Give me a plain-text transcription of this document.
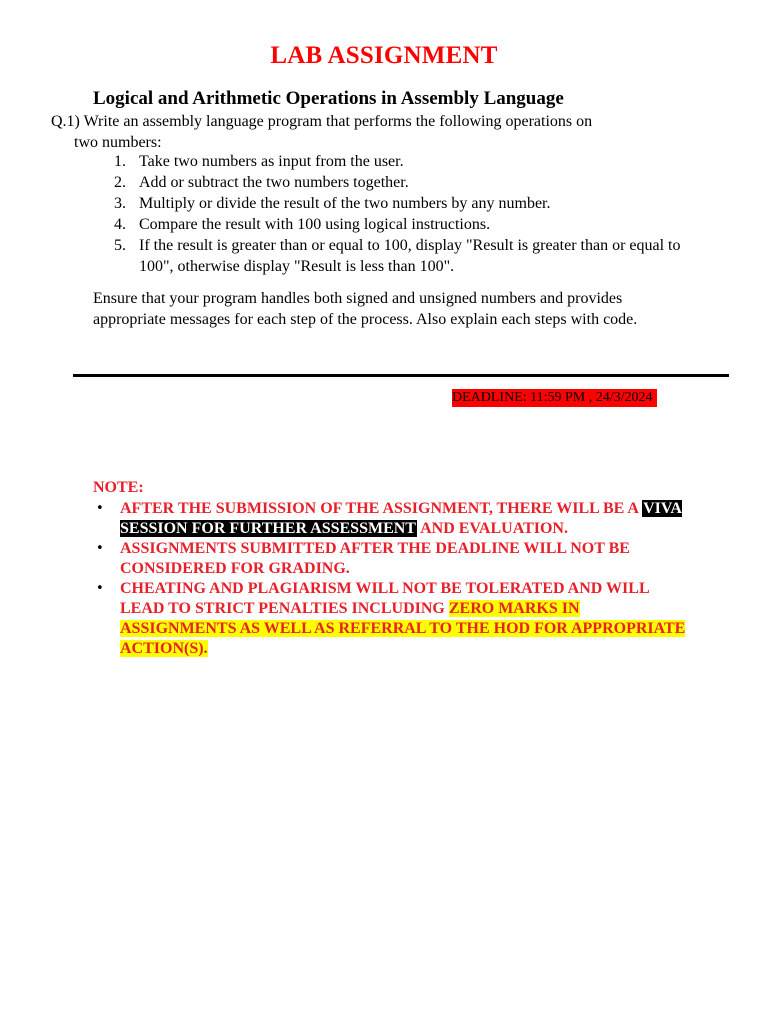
LAB ASSIGNMENT
Logical and Arithmetic Operations in Assembly Language
Q.1) Write an assembly language program that performs the following operations on
two numbers:
1. Take two numbers as input from the user.
2. Add or subtract the two numbers together.
3. Multiply or divide the result of the two numbers by any number.
4. Compare the result with 100 using logical instructions.
5. If the result is greater than or equal to 100, display "Result is greater than or equal to 100", otherwise display "Result is less than 100".

Ensure that your program handles both signed and unsigned numbers and provides appropriate messages for each step of the process. Also explain each steps with code.

DEADLINE: 11:59 PM , 24/3/2024
NOTE:
• AFTER THE SUBMISSION OF THE ASSIGNMENT, THERE WILL BE A VIVA SESSION FOR FURTHER ASSESSMENT AND EVALUATION.
• ASSIGNMENTS SUBMITTED AFTER THE DEADLINE WILL NOT BE CONSIDERED FOR GRADING.
• CHEATING AND PLAGIARISM WILL NOT BE TOLERATED AND WILL LEAD TO STRICT PENALTIES INCLUDING ZERO MARKS IN ASSIGNMENTS AS WELL AS REFERRAL TO THE HOD FOR APPROPRIATE ACTION(S).
